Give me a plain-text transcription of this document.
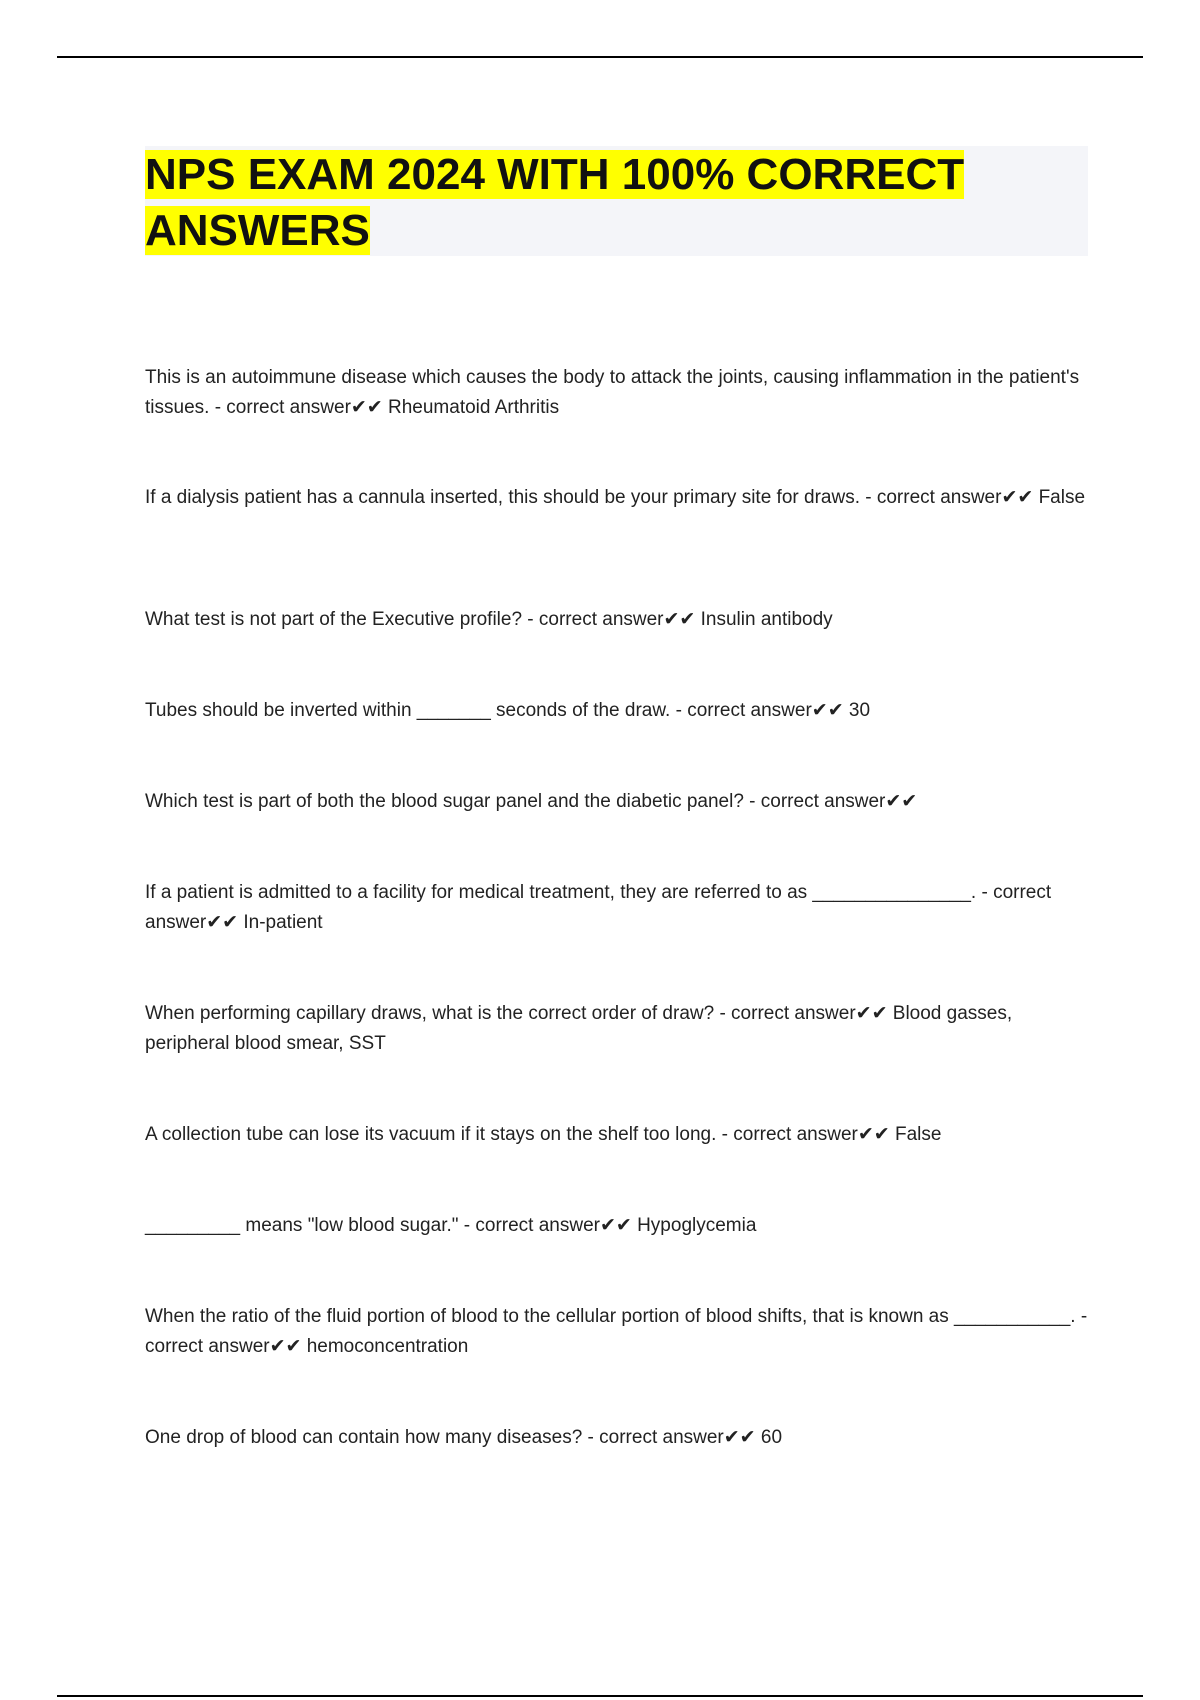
NPS EXAM 2024 WITH 100% CORRECT ANSWERS

This is an autoimmune disease which causes the body to attack the joints, causing inflammation in the patient's tissues. - correct answer✔✔ Rheumatoid Arthritis

If a dialysis patient has a cannula inserted, this should be your primary site for draws. - correct answer✔✔ False

What test is not part of the Executive profile? - correct answer✔✔ Insulin antibody

Tubes should be inverted within _______ seconds of the draw. - correct answer✔✔ 30

Which test is part of both the blood sugar panel and the diabetic panel? - correct answer✔✔

If a patient is admitted to a facility for medical treatment, they are referred to as _______________. - correct answer✔✔ In-patient

When performing capillary draws, what is the correct order of draw? - correct answer✔✔ Blood gasses, peripheral blood smear, SST

A collection tube can lose its vacuum if it stays on the shelf too long. - correct answer✔✔ False

_________ means "low blood sugar." - correct answer✔✔ Hypoglycemia

When the ratio of the fluid portion of blood to the cellular portion of blood shifts, that is known as ___________. - correct answer✔✔ hemoconcentration

One drop of blood can contain how many diseases? - correct answer✔✔ 60
